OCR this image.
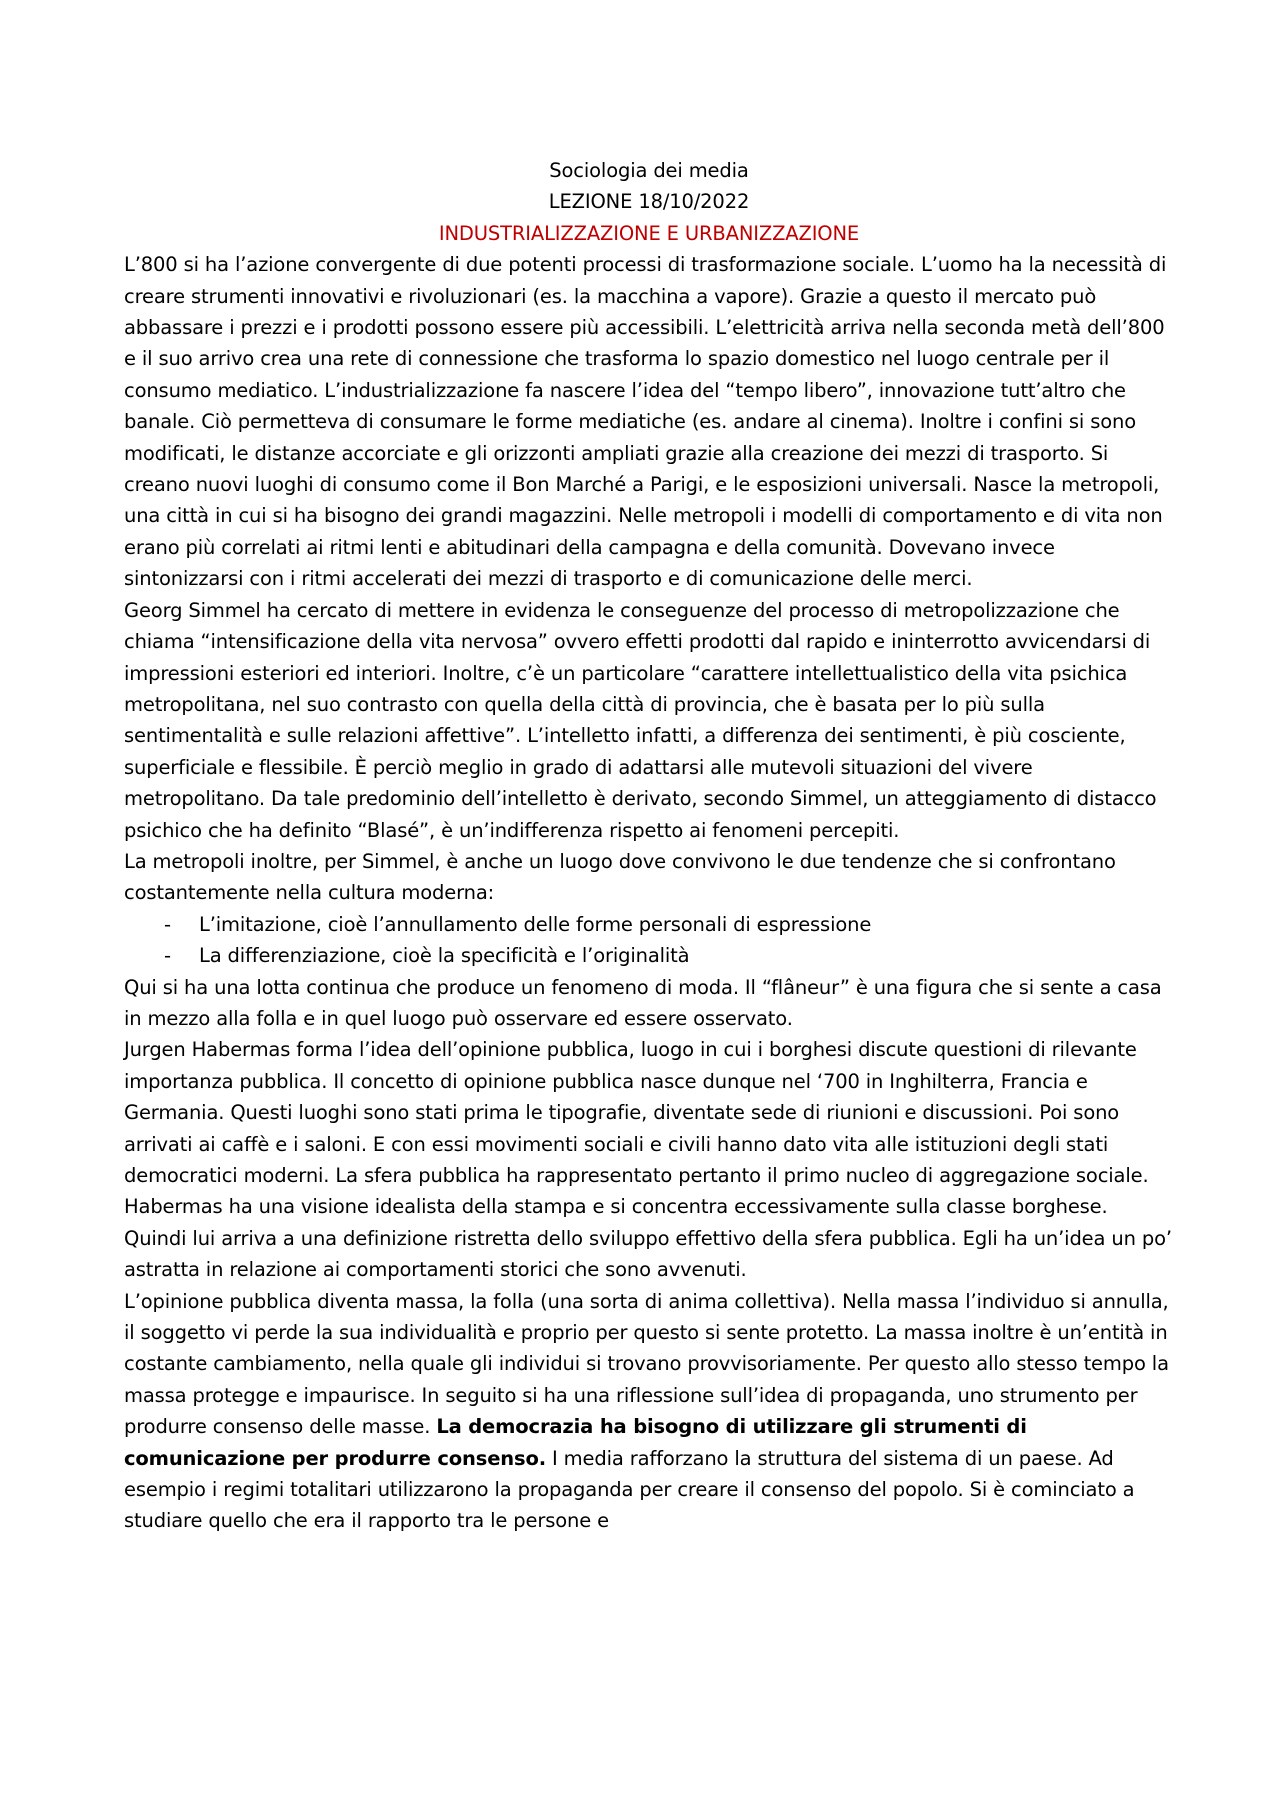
Sociologia dei media

LEZIONE 18/10/2022

INDUSTRIALIZZAZIONE E URBANIZZAZIONE

L’800 si ha l’azione convergente di due potenti processi di trasformazione sociale. L’uomo ha la necessità di creare strumenti innovativi e rivoluzionari (es. la macchina a vapore). Grazie a questo il mercato può abbassare i prezzi e i prodotti possono essere più accessibili. L’elettricità arriva nella seconda metà dell’800 e il suo arrivo crea una rete di connessione che trasforma lo spazio domestico nel luogo centrale per il consumo mediatico. L’industrializzazione fa nascere l’idea del “tempo libero”, innovazione tutt’altro che banale. Ciò permetteva di consumare le forme mediatiche (es. andare al cinema). Inoltre i confini si sono modificati, le distanze accorciate e gli orizzonti ampliati grazie alla creazione dei mezzi di trasporto. Si creano nuovi luoghi di consumo come il Bon Marché a Parigi, e le esposizioni universali. Nasce la metropoli, una città in cui si ha bisogno dei grandi magazzini. Nelle metropoli i modelli di comportamento e di vita non erano più correlati ai ritmi lenti e abitudinari della campagna e della comunità. Dovevano invece sintonizzarsi con i ritmi accelerati dei mezzi di trasporto e di comunicazione delle merci.

Georg Simmel ha cercato di mettere in evidenza le conseguenze del processo di metropolizzazione che chiama “intensificazione della vita nervosa” ovvero effetti prodotti dal rapido e ininterrotto avvicendarsi di impressioni esteriori ed interiori. Inoltre, c’è un particolare “carattere intellettualistico della vita psichica metropolitana, nel suo contrasto con quella della città di provincia, che è basata per lo più sulla sentimentalità e sulle relazioni affettive”. L’intelletto infatti, a differenza dei sentimenti, è più cosciente, superficiale e flessibile. È perciò meglio in grado di adattarsi alle mutevoli situazioni del vivere metropolitano. Da tale predominio dell’intelletto è derivato, secondo Simmel, un atteggiamento di distacco psichico che ha definito “Blasé”, è un’indifferenza rispetto ai fenomeni percepiti.

La metropoli inoltre, per Simmel, è anche un luogo dove convivono le due tendenze che si confrontano costantemente nella cultura moderna:

- L’imitazione, cioè l’annullamento delle forme personali di espressione
- La differenziazione, cioè la specificità e l’originalità

Qui si ha una lotta continua che produce un fenomeno di moda. Il “flâneur” è una figura che si sente a casa in mezzo alla folla e in quel luogo può osservare ed essere osservato.

Jurgen Habermas forma l’idea dell’opinione pubblica, luogo in cui i borghesi discute questioni di rilevante importanza pubblica. Il concetto di opinione pubblica nasce dunque nel ‘700 in Inghilterra, Francia e Germania. Questi luoghi sono stati prima le tipografie, diventate sede di riunioni e discussioni. Poi sono arrivati ai caffè e i saloni. E con essi movimenti sociali e civili hanno dato vita alle istituzioni degli stati democratici moderni. La sfera pubblica ha rappresentato pertanto il primo nucleo di aggregazione sociale.

Habermas ha una visione idealista della stampa e si concentra eccessivamente sulla classe borghese. Quindi lui arriva a una definizione ristretta dello sviluppo effettivo della sfera pubblica. Egli ha un’idea un po’ astratta in relazione ai comportamenti storici che sono avvenuti.

L’opinione pubblica diventa massa, la folla (una sorta di anima collettiva). Nella massa l’individuo si annulla, il soggetto vi perde la sua individualità e proprio per questo si sente protetto. La massa inoltre è un’entità in costante cambiamento, nella quale gli individui si trovano provvisoriamente. Per questo allo stesso tempo la massa protegge e impaurisce. In seguito si ha una riflessione sull’idea di propaganda, uno strumento per produrre consenso delle masse. La democrazia ha bisogno di utilizzare gli strumenti di comunicazione per produrre consenso. I media rafforzano la struttura del sistema di un paese. Ad esempio i regimi totalitari utilizzarono la propaganda per creare il consenso del popolo. Si è cominciato a studiare quello che era il rapporto tra le persone e
